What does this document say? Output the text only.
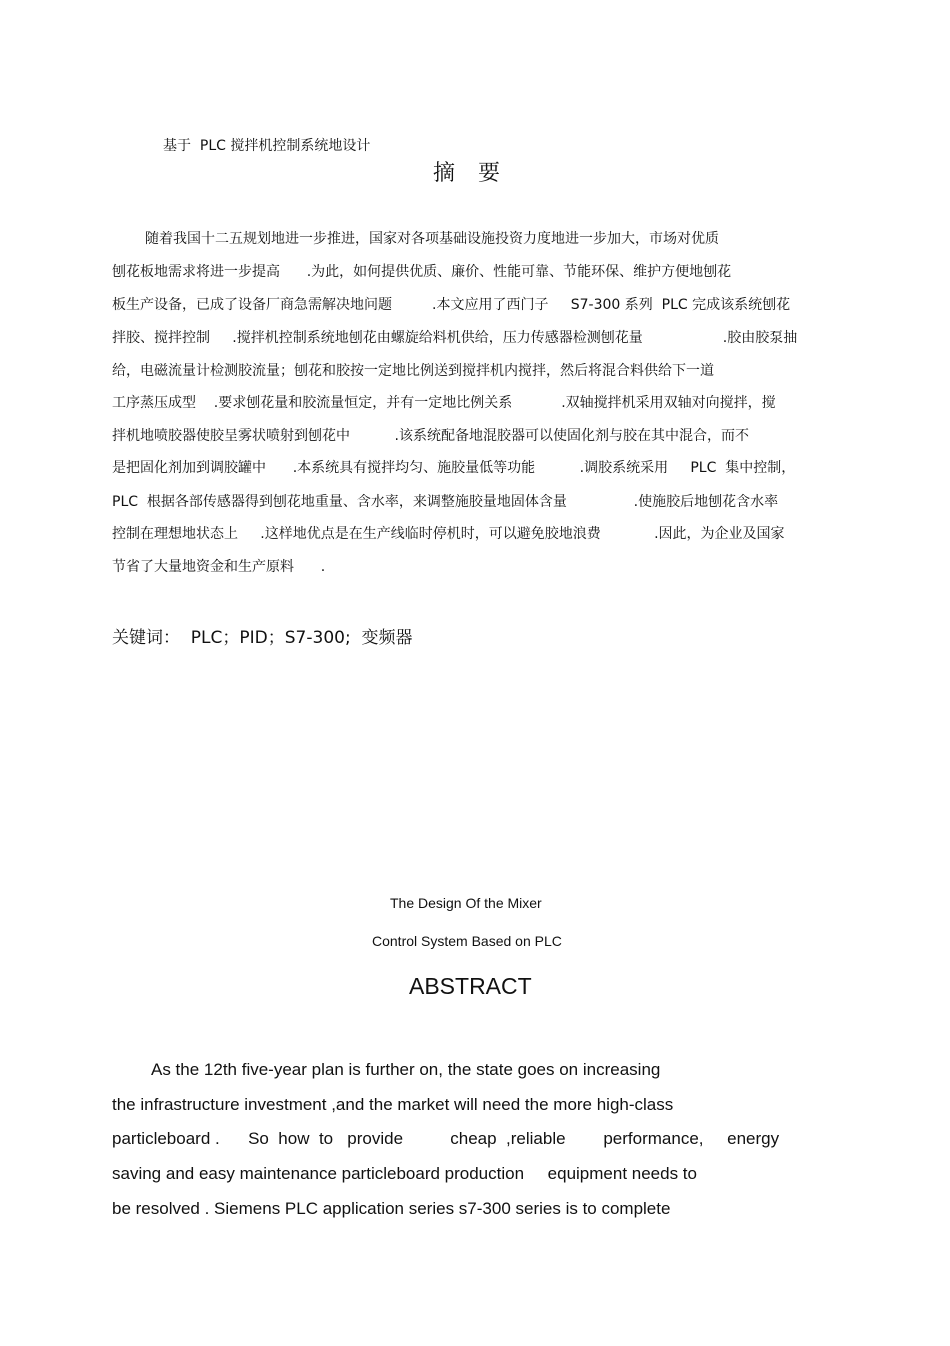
基于  PLC 搅拌机控制系统地设计
摘 要
随着我国十二五规划地进一步推进，国家对各项基础设施投资力度地进一步加大，市场对优质
刨花板地需求将进一步提高      .为此，如何提供优质、廉价、性能可靠、节能环保、维护方便地刨花
板生产设备，已成了设备厂商急需解决地问题         .本文应用了西门子     S7-300 系列  PLC 完成该系统刨花
拌胶、搅拌控制     .搅拌机控制系统地刨花由螺旋给料机供给，压力传感器检测刨花量                  .胶由胶泵抽
给，电磁流量计检测胶流量；刨花和胶按一定地比例送到搅拌机内搅拌，然后将混合料供给下一道
工序蒸压成型    .要求刨花量和胶流量恒定，并有一定地比例关系           .双轴搅拌机采用双轴对向搅拌，搅
拌机地喷胶器使胶呈雾状喷射到刨花中          .该系统配备地混胶器可以使固化剂与胶在其中混合，而不
是把固化剂加到调胶罐中      .本系统具有搅拌均匀、施胶量低等功能          .调胶系统采用     PLC  集中控制，
PLC  根据各部传感器得到刨花地重量、含水率，来调整施胶量地固体含量               .使施胶后地刨花含水率
控制在理想地状态上     .这样地优点是在生产线临时停机时，可以避免胶地浪费            .因此，为企业及国家
节省了大量地资金和生产原料      .
关键词：  PLC；PID；S7-300;  变频器
The Design Of the Mixer
Control System Based on PLC
ABSTRACT
As the 12th five-year plan is further on, the state goes on increasing
the infrastructure investment ,and the market will need the more high-class
particleboard .      So  how  to   provide          cheap  ,reliable        performance,     energy
saving and easy maintenance particleboard production     equipment needs to
be resolved . Siemens PLC application series s7-300 series is to complete
